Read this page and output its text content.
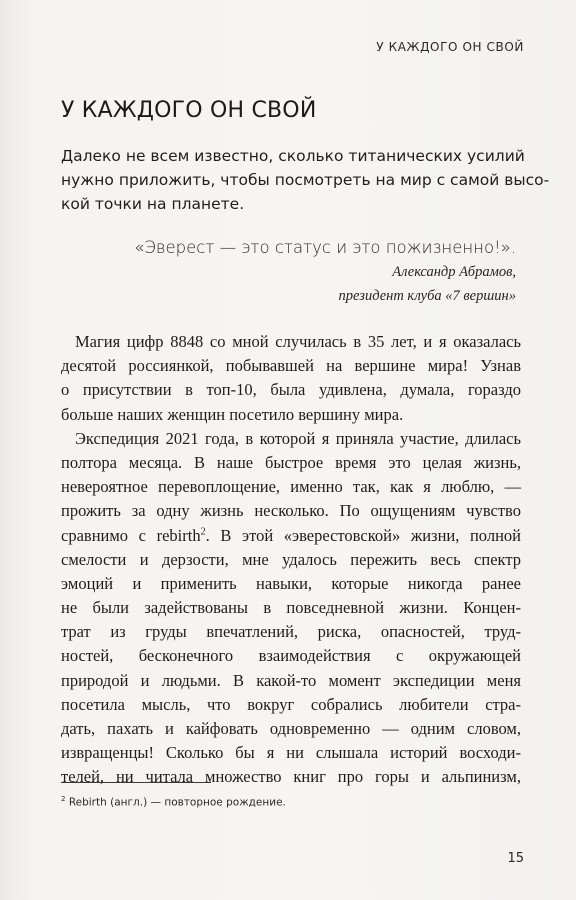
У КАЖДОГО ОН СВОЙ
У КАЖДОГО ОН СВОЙ

Далеко не всем известно, сколько титанических усилий
нужно приложить, чтобы посмотреть на мир с самой высо-
кой точки на планете.

«Эверест — это статус и это пожизненно!».
Александр Абрамов,
президент клуба «7 вершин»
Магия цифр 8848 со мной случилась в 35 лет, и я оказалась
десятой россиянкой, побывавшей на вершине мира! Узнав
о присутствии в топ-10, была удивлена, думала, гораздо
больше наших женщин посетило вершину мира.
Экспедиция 2021 года, в которой я приняла участие, длилась
полтора месяца. В наше быстрое время это целая жизнь,
невероятное перевоплощение, именно так, как я люблю, —
прожить за одну жизнь несколько. По ощущениям чувство
сравнимо с rebirth$^2$. В этой «эверестовской» жизни, полной
смелости и дерзости, мне удалось пережить весь спектр
эмоций и применить навыки, которые никогда ранее
не были задействованы в повседневной жизни. Концен-
трат из груды впечатлений, риска, опасностей, труд-
ностей, бесконечного взаимодействия с окружающей
природой и людьми. В какой-то момент экспедиции меня
посетила мысль, что вокруг собрались любители стра-
дать, пахать и кайфовать одновременно — одним словом,
извращенцы! Сколько бы я ни слышала историй восходи-
телей, ни читала множество книг про горы и альпинизм,
$^2$ Rebirth (англ.) — повторное рождение.
15
